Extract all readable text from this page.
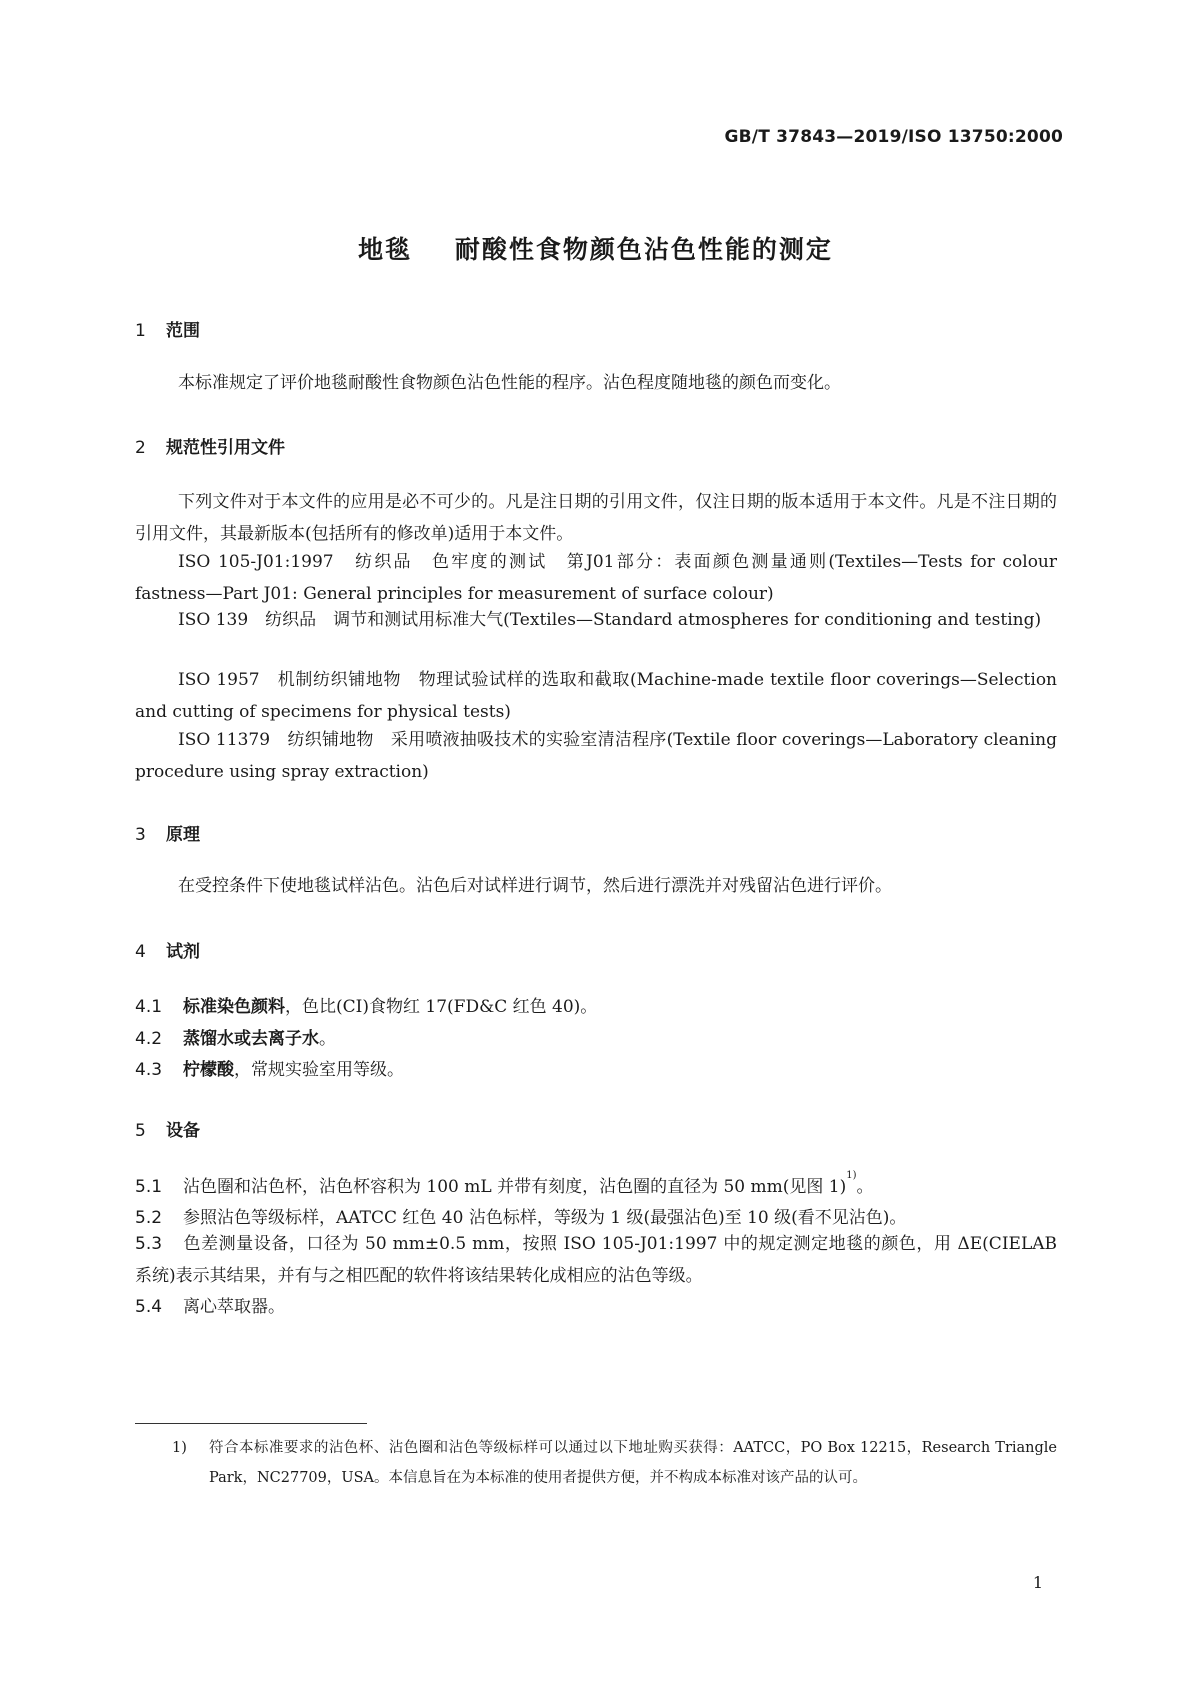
GB/T 37843—2019/ISO 13750:2000
地毯    耐酸性食物颜色沾色性能的测定
1 范围
本标准规定了评价地毯耐酸性食物颜色沾色性能的程序。沾色程度随地毯的颜色而变化。
2 规范性引用文件
下列文件对于本文件的应用是必不可少的。凡是注日期的引用文件，仅注日期的版本适用于本文件。凡是不注日期的引用文件，其最新版本(包括所有的修改单)适用于本文件。
ISO 105-J01:1997　纺织品　色牢度的测试　第J01部分：表面颜色测量通则(Textiles—Tests for colour fastness—Part J01: General principles for measurement of surface colour)
ISO 139　纺织品　调节和测试用标准大气(Textiles—Standard atmospheres for conditioning and testing)
ISO 1957　机制纺织铺地物　物理试验试样的选取和截取(Machine-made textile floor coverings—Selection and cutting of specimens for physical tests)
ISO 11379　纺织铺地物　采用喷液抽吸技术的实验室清洁程序(Textile floor coverings—Laboratory cleaning procedure using spray extraction)
3 原理
在受控条件下使地毯试样沾色。沾色后对试样进行调节，然后进行漂洗并对残留沾色进行评价。
4 试剂
4.1 标准染色颜料，色比(CI)食物红 17(FD&C 红色 40)。
4.2 蒸馏水或去离子水。
4.3 柠檬酸，常规实验室用等级。
5 设备
5.1 沾色圈和沾色杯，沾色杯容积为 100 mL 并带有刻度，沾色圈的直径为 50 mm(见图 1)$^{1)}$。
5.2 参照沾色等级标样，AATCC 红色 40 沾色标样，等级为 1 级(最强沾色)至 10 级(看不见沾色)。
5.3 色差测量设备，口径为 50 mm±0.5 mm，按照 ISO 105-J01:1997 中的规定测定地毯的颜色，用 ΔE(CIELAB 系统)表示其结果，并有与之相匹配的软件将该结果转化成相应的沾色等级。
5.4 离心萃取器。
1) 符合本标准要求的沾色杯、沾色圈和沾色等级标样可以通过以下地址购买获得：AATCC，PO Box 12215，Research Triangle Park，NC27709，USA。本信息旨在为本标准的使用者提供方便，并不构成本标准对该产品的认可。
1
